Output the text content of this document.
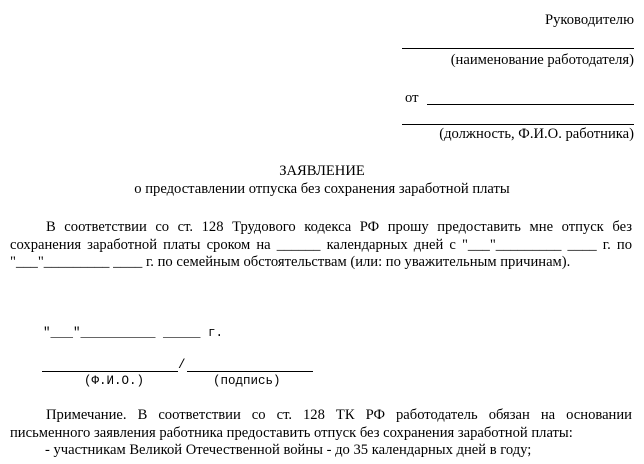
Руководителю
(наименование работодателя)
от
(должность, Ф.И.О. работника)
ЗАЯВЛЕНИЕ
о предоставлении отпуска без сохранения заработной платы

В соответствии со ст. 128 Трудового кодекса РФ прошу предоставить мне отпуск без сохранения заработной платы сроком на ______ календарных дней с "___"_________ ____ г. по "___"_________ ____ г. по семейным обстоятельствам (или: по уважительным причинам).

"___"__________ _____ г.
/
(Ф.И.О.)	(подпись)

Примечание. В соответствии со ст. 128 ТК РФ работодатель обязан на основании письменного заявления работника предоставить отпуск без сохранения заработной платы:

- участникам Великой Отечественной войны - до 35 календарных дней в году;
